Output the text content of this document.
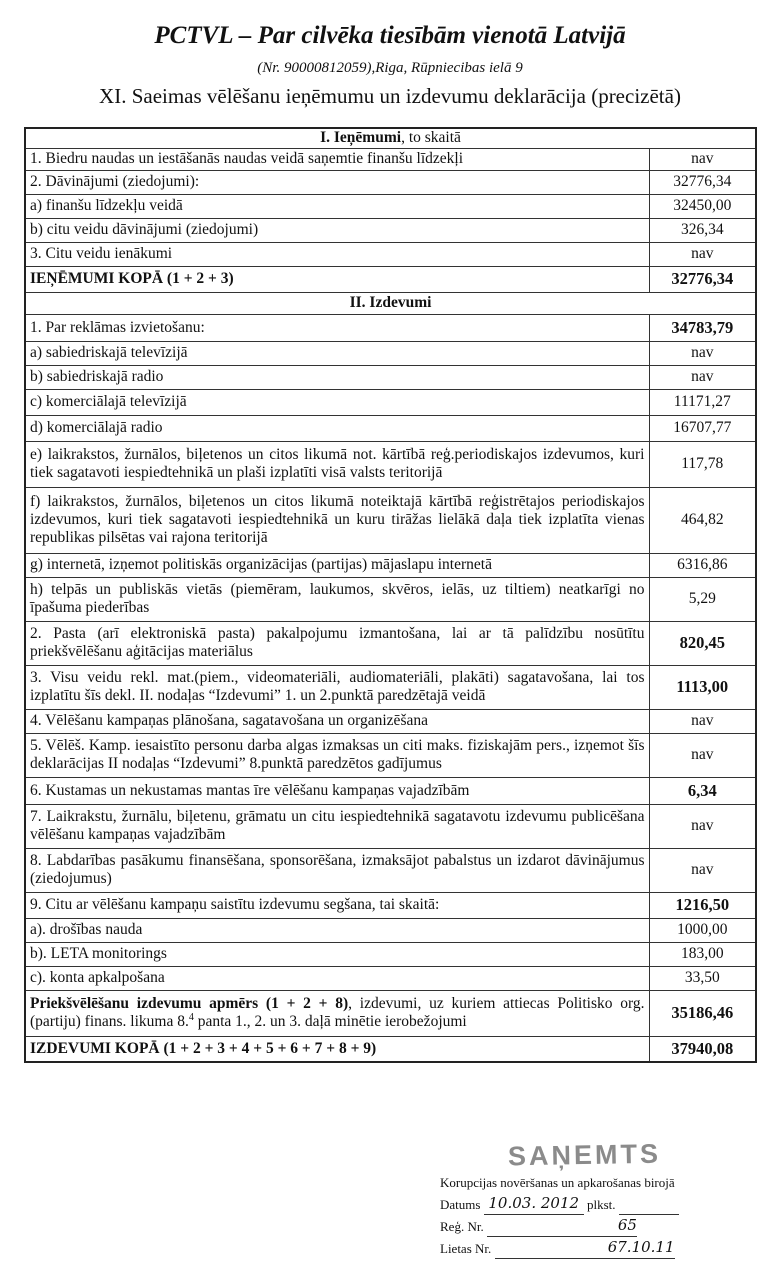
PCTVL – Par cilvēka tiesībām vienotā Latvijā
(Nr. 90000812059),Riga, Rūpniecibas ielā 9
XI. Saeimas vēlēšanu ieņēmumu un izdevumu deklarācija (precizētā)
I. Ieņēmumi, to skaitā	
1. Biedru naudas un iestāšanās naudas veidā saņemtie finanšu līdzekļi	nav
2. Dāvinājumi (ziedojumi):	32776,34
a) finanšu līdzekļu veidā	32450,00
b) citu veidu dāvinājumi (ziedojumi)	326,34
3. Citu veidu ienākumi	nav
IEŅĒMUMI KOPĀ (1 + 2 + 3)	32776,34
II. Izdevumi	
1. Par reklāmas izvietošanu:	34783,79
a) sabiedriskajā televīzijā	nav
b) sabiedriskajā radio	nav
c) komerciālajā televīzijā	11171,27
d) komerciālajā radio	16707,77
e) laikrakstos, žurnālos, biļetenos un citos likumā not. kārtībā reģ.periodiskajos izdevumos, kuri tiek sagatavoti iespiedtehnikā un plaši izplatīti visā valsts teritorijā	117,78
f) laikrakstos, žurnālos, biļetenos un citos likumā noteiktajā kārtībā reģistrētajos periodiskajos izdevumos, kuri tiek sagatavoti iespiedtehnikā un kuru tirāžas lielākā daļa tiek izplatīta vienas republikas pilsētas vai rajona teritorijā	464,82
g) internetā, izņemot politiskās organizācijas (partijas) mājaslapu internetā	6316,86
h) telpās un publiskās vietās (piemēram, laukumos, skvēros, ielās, uz tiltiem) neatkarīgi no īpašuma piederības	5,29
2. Pasta (arī elektroniskā pasta) pakalpojumu izmantošana, lai ar tā palīdzību nosūtītu priekšvēlēšanu aģitācijas materiālus	820,45
3. Visu veidu rekl. mat.(piem., videomateriāli, audiomateriāli, plakāti) sagatavošana, lai tos izplatītu šīs dekl. II. nodaļas “Izdevumi” 1. un 2.punktā paredzētajā veidā	1113,00
4. Vēlēšanu kampaņas plānošana, sagatavošana un organizēšana	nav
5. Vēlēš. Kamp. iesaistīto personu darba algas izmaksas un citi maks. fiziskajām pers., izņemot šīs deklarācijas II nodaļas “Izdevumi” 8.punktā paredzētos gadījumus	nav
6. Kustamas un nekustamas mantas īre vēlēšanu kampaņas vajadzībām	6,34
7. Laikrakstu, žurnālu, biļetenu, grāmatu un citu iespiedtehnikā sagatavotu izdevumu publicēšana vēlēšanu kampaņas vajadzībām	nav
8. Labdarības pasākumu finansēšana, sponsorēšana, izmaksājot pabalstus un izdarot dāvinājumus (ziedojumus)	nav
9. Citu ar vēlēšanu kampaņu saistītu izdevumu segšana, tai skaitā:	1216,50
a). drošības nauda	1000,00
b). LETA monitorings	183,00
c). konta apkalpošana	33,50
Priekšvēlēšanu izdevumu apmērs (1 + 2 + 8), izdevumi, uz kuriem attiecas Politisko org. (partiju) finans. likuma 8.$^4$ panta 1., 2. un 3. daļā minētie ierobežojumi	35186,46
IZDEVUMI KOPĀ (1 + 2 + 3 + 4 + 5 + 6 + 7 + 8 + 9)	37940,08
SAŅEMTS
Korupcijas novēršanas un apkarošanas birojā
Datums 10.03. 2012 plkst.
Reģ. Nr.	65
Lietas Nr.	67.10.11
